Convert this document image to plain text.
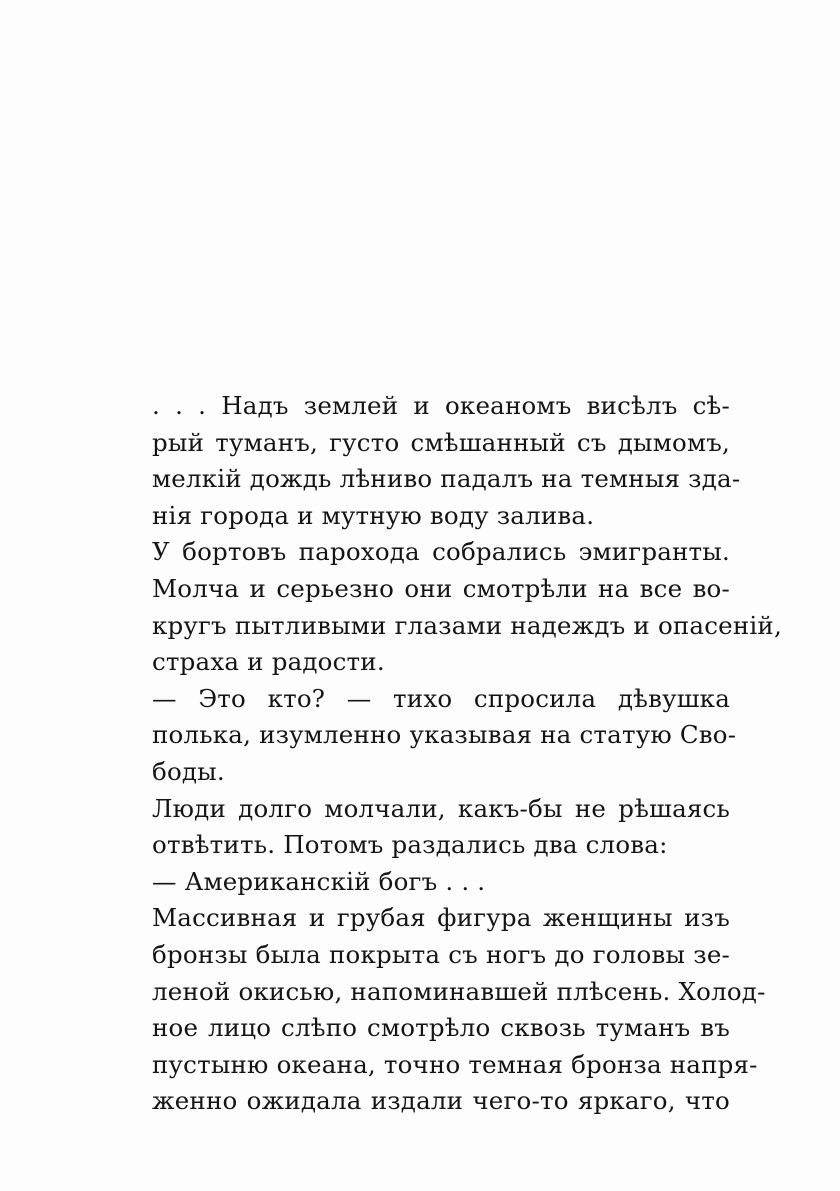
. . . Надъ землей и океаномъ висѣлъ сѣ-
рый туманъ, густо смѣшанный съ дымомъ,
мелкій дождь лѣниво падалъ на темныя зда-
нія города и мутную воду залива.
У бортовъ парохода собрались эмигранты.
Молча и серьезно они смотрѣли на все во-
кругъ пытливыми глазами надеждъ и опасеній,
страха и радости.
— Это кто? — тихо спросила дѣвушка
полька, изумленно указывая на статую Сво-
боды.
Люди долго молчали, какъ-бы не рѣшаясь
отвѣтить. Потомъ раздались два слова:
— Американскій богъ . . .
Массивная и грубая фигура женщины изъ
бронзы была покрыта съ ногъ до головы зе-
леной окисью, напоминавшей плѣсень. Холод-
ное лицо слѣпо смотрѣло сквозь туманъ въ
пустыню океана, точно темная бронза напря-
женно ожидала издали чего-то яркаго, что
